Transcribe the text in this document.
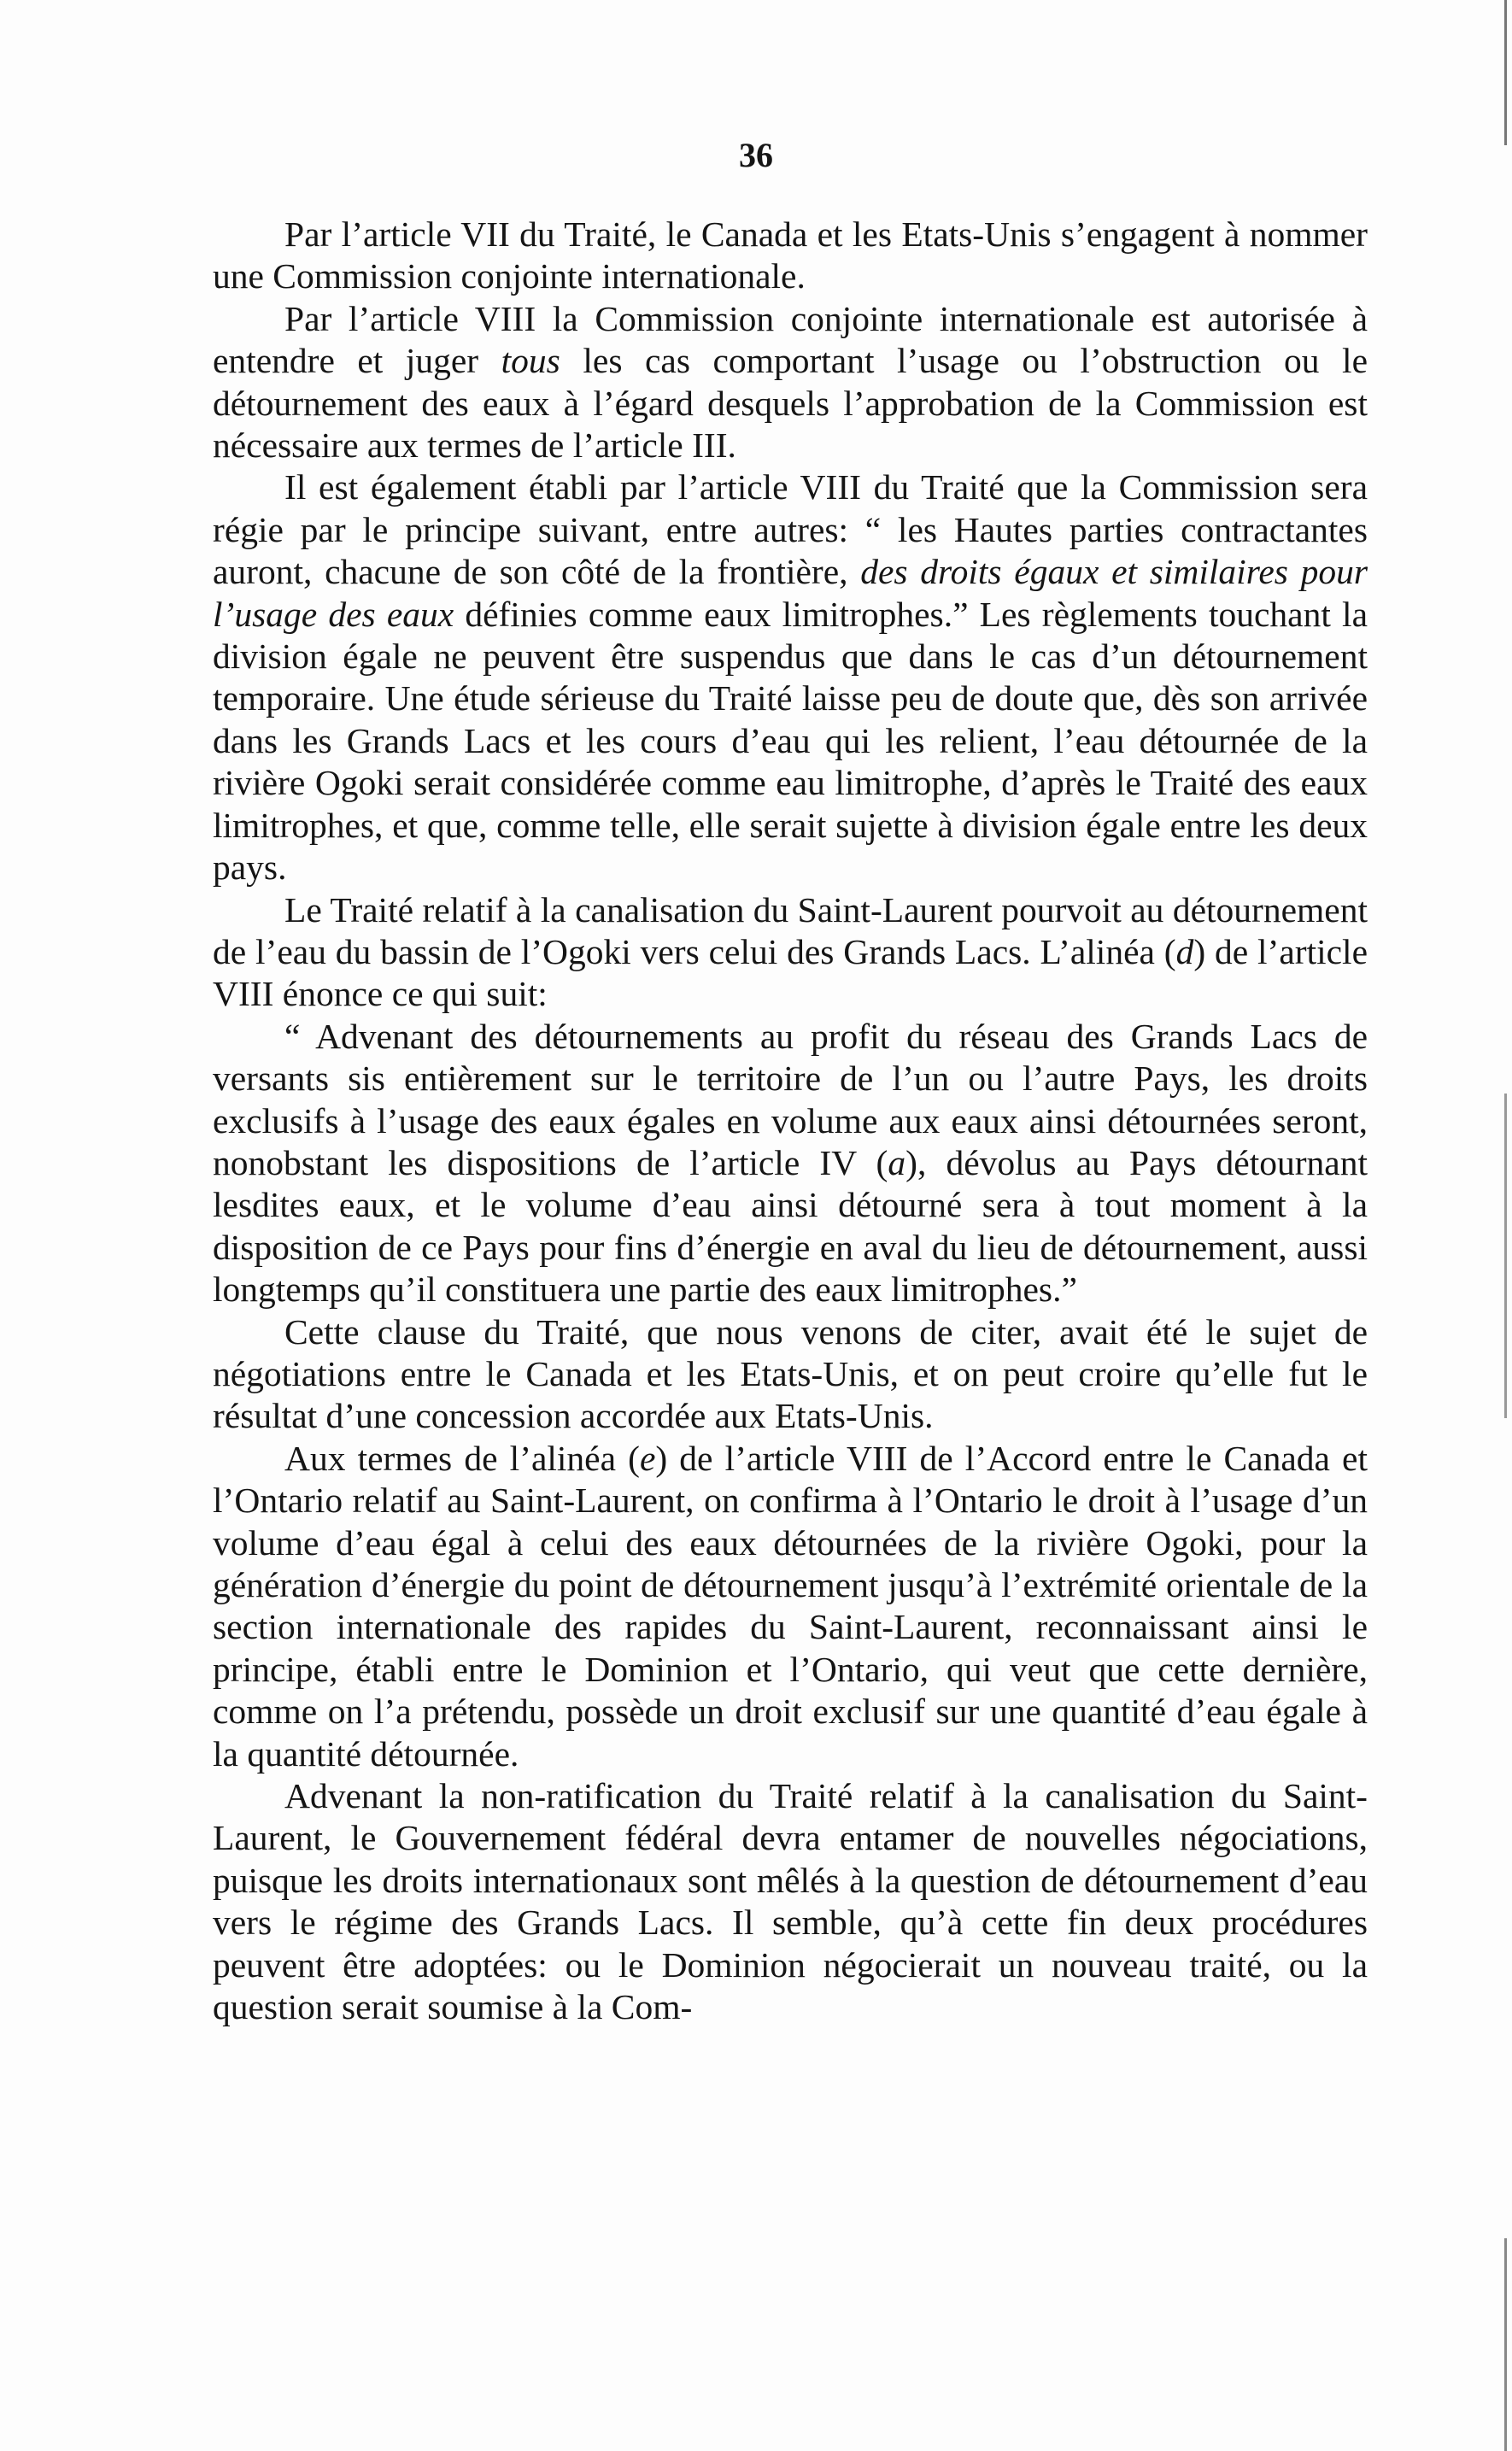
36

Par l’article VII du Traité, le Canada et les Etats-Unis s’engagent à nommer une Commission conjointe internationale.

Par l’article VIII la Commission conjointe internationale est autorisée à entendre et juger tous les cas comportant l’usage ou l’obstruction ou le détournement des eaux à l’égard desquels l’approbation de la Commission est nécessaire aux termes de l’article III.

Il est également établi par l’article VIII du Traité que la Commission sera régie par le principe suivant, entre autres: “ les Hautes parties contractantes auront, chacune de son côté de la frontière, des droits égaux et similaires pour l’usage des eaux définies comme eaux limitrophes.” Les règlements touchant la division égale ne peuvent être suspendus que dans le cas d’un détournement temporaire. Une étude sérieuse du Traité laisse peu de doute que, dès son arrivée dans les Grands Lacs et les cours d’eau qui les relient, l’eau détournée de la rivière Ogoki serait considérée comme eau limitrophe, d’après le Traité des eaux limitrophes, et que, comme telle, elle serait sujette à division égale entre les deux pays.

Le Traité relatif à la canalisation du Saint-Laurent pourvoit au détournement de l’eau du bassin de l’Ogoki vers celui des Grands Lacs. L’alinéa (d) de l’article VIII énonce ce qui suit:

“ Advenant des détournements au profit du réseau des Grands Lacs de versants sis entièrement sur le territoire de l’un ou l’autre Pays, les droits exclusifs à l’usage des eaux égales en volume aux eaux ainsi détournées seront, nonobstant les dispositions de l’article IV (a), dévolus au Pays détournant lesdites eaux, et le volume d’eau ainsi détourné sera à tout moment à la disposition de ce Pays pour fins d’énergie en aval du lieu de détournement, aussi longtemps qu’il constituera une partie des eaux limitrophes.”

Cette clause du Traité, que nous venons de citer, avait été le sujet de négotiations entre le Canada et les Etats-Unis, et on peut croire qu’elle fut le résultat d’une concession accordée aux Etats-Unis.

Aux termes de l’alinéa (e) de l’article VIII de l’Accord entre le Canada et l’Ontario relatif au Saint-Laurent, on confirma à l’Ontario le droit à l’usage d’un volume d’eau égal à celui des eaux détournées de la rivière Ogoki, pour la génération d’énergie du point de détournement jusqu’à l’extrémité orientale de la section internationale des rapides du Saint-Laurent, reconnaissant ainsi le principe, établi entre le Dominion et l’Ontario, qui veut que cette dernière, comme on l’a prétendu, possède un droit exclusif sur une quantité d’eau égale à la quantité détournée.

Advenant la non-ratification du Traité relatif à la canalisation du Saint-Laurent, le Gouvernement fédéral devra entamer de nouvelles négociations, puisque les droits internationaux sont mêlés à la question de détournement d’eau vers le régime des Grands Lacs. Il semble, qu’à cette fin deux procédures peuvent être adoptées: ou le Dominion négocierait un nouveau traité, ou la question serait soumise à la Com-
